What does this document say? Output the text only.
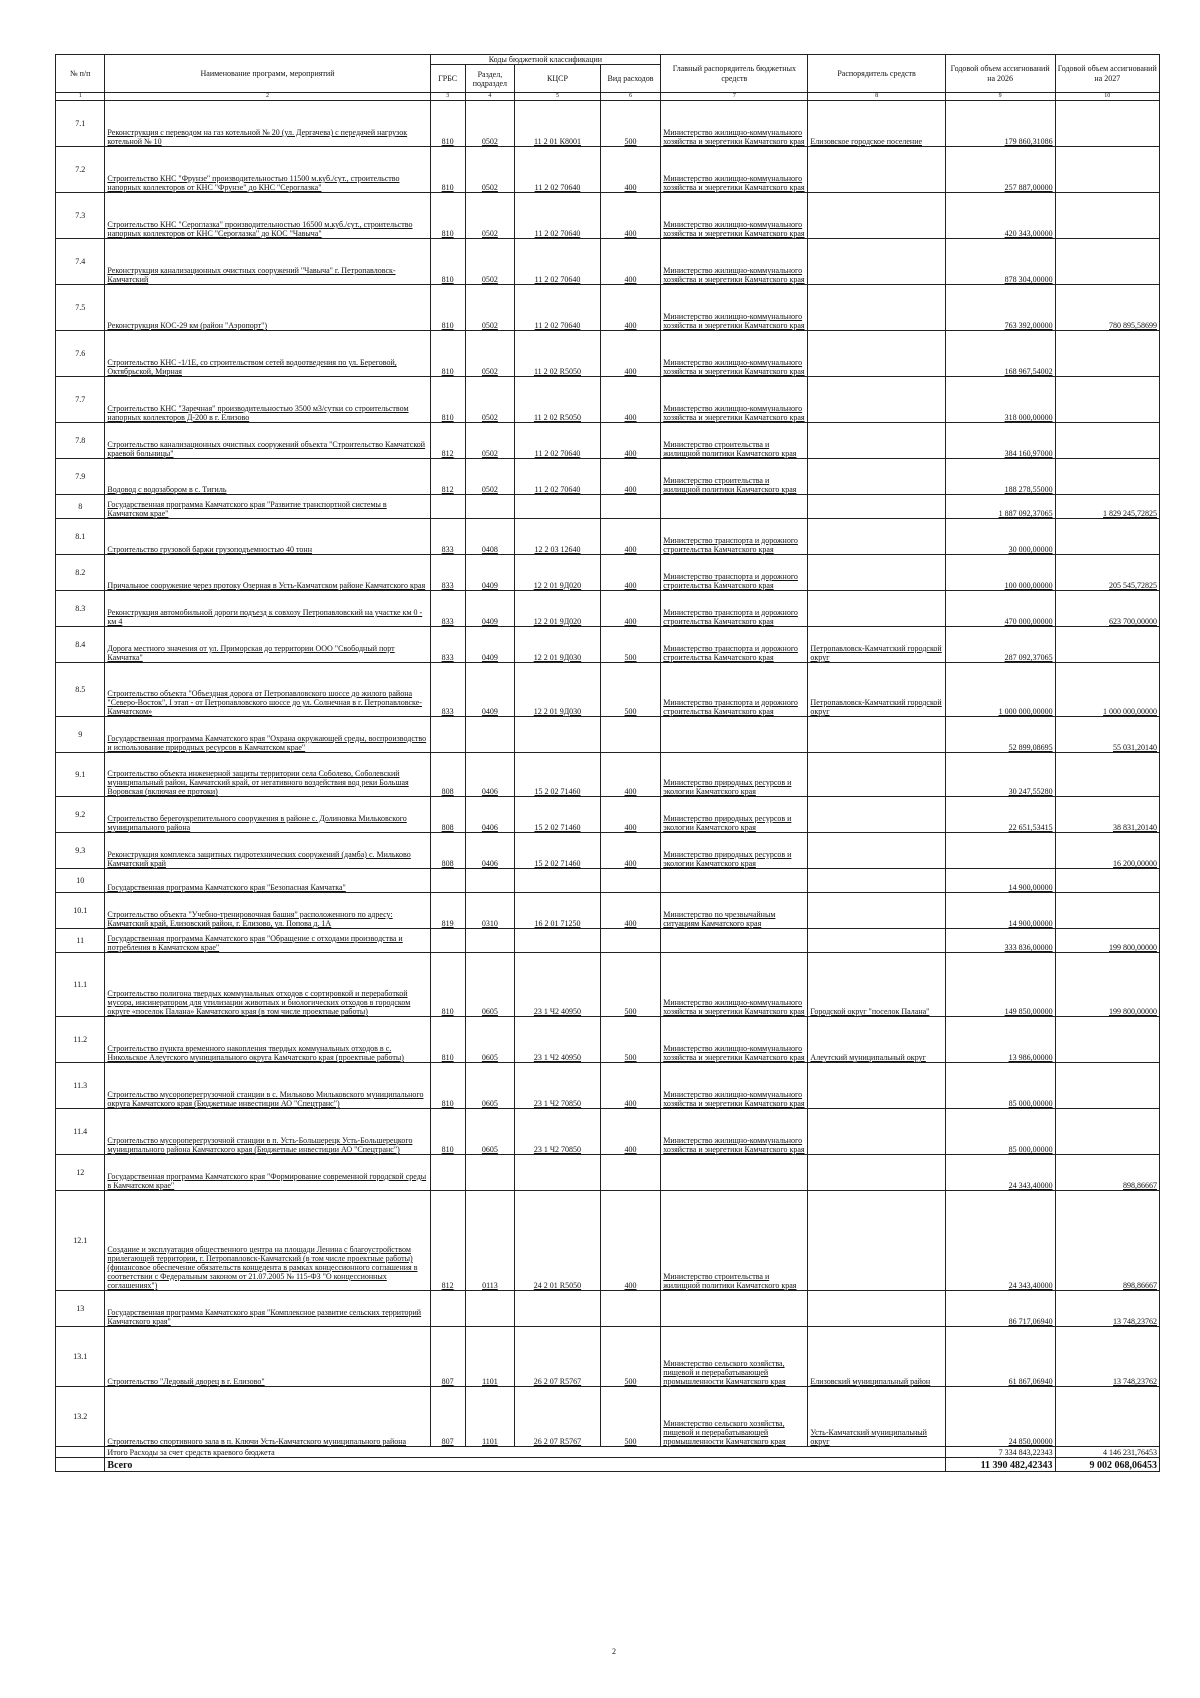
№ п/п	Наименование программ, мероприятий	Коды бюджетной классификации				Главный распорядитель бюджетных средств	Распорядитель средств	Годовой объем ассигнований на 2026	Годовой объем ассигнований на 2027
		ГРБС	Раздел, подраздел	КЦСР	Вид расходов				
1	2	3	4	5	6	7	8	9	10
7.1	Реконструкция с переводом на газ котельной № 20 (ул. Дергачева) с передачей нагрузок котельной № 10	810	0502	11 2 01 К8001	500	Министерство жилищно-коммунального хозяйства и энергетики Камчатского края	Елизовское городское поселение	179 860,31086	
7.2	Строительство КНС "Фрунзе" производительностью 11500 м.куб./сут., строительство напорных коллекторов от КНС "Фрунзе" до КНС "Сероглазка"	810	0502	11 2 02 70640	400	Министерство жилищно-коммунального хозяйства и энергетики Камчатского края		257 887,00000	
7.3	Строительство КНС "Сероглазка" производительностью 16500 м.куб./сут., строительство напорных коллекторов от КНС "Сероглазка" до КОС "Чавыча"	810	0502	11 2 02 70640	400	Министерство жилищно-коммунального хозяйства и энергетики Камчатского края		420 343,00000	
7.4	Реконструкция канализационных очистных сооружений "Чавыча" г. Петропавловск-Камчатский	810	0502	11 2 02 70640	400	Министерство жилищно-коммунального хозяйства и энергетики Камчатского края		878 304,00000	
7.5	Реконструкция КОС-29 км (район "Аэропорт")	810	0502	11 2 02 70640	400	Министерство жилищно-коммунального хозяйства и энергетики Камчатского края		763 392,00000	780 895,58699
7.6	Строительство КНС -1/1Е, со строительством сетей водоотведения по ул. Береговой, Октябрьской, Мирная	810	0502	11 2 02 R5050	400	Министерство жилищно-коммунального хозяйства и энергетики Камчатского края		168 967,54002	
7.7	Строительство КНС "Заречная" производительностью 3500 м3/сутки со строительством напорных коллекторов Д-200 в г. Елизово	810	0502	11 2 02 R5050	400	Министерство жилищно-коммунального хозяйства и энергетики Камчатского края		318 000,00000	
7.8	Строительство канализационных очистных сооружений объекта "Строительство Камчатской краевой больницы"	812	0502	11 2 02 70640	400	Министерство строительства и жилищной политики Камчатского края		384 160,97000	
7.9	Водовод с водозабором в с. Тигиль	812	0502	11 2 02 70640	400	Министерство строительства и жилищной политики Камчатского края		188 278,55000	
8	Государственная программа Камчатского края "Развитие транспортной системы в Камчатском крае"							1 887 092,37065	1 829 245,72825
8.1	Строительство грузовой баржи грузоподъемностью 40 тонн	833	0408	12 2 03 12640	400	Министерство транспорта и дорожного строительства Камчатского края		30 000,00000	
8.2	Причальное сооружение через протоку Озерная в Усть-Камчатском районе Камчатского края	833	0409	12 2 01 9Д020	400	Министерство транспорта и дорожного строительства Камчатского края		100 000,00000	205 545,72825
8.3	Реконструкция автомобильной дороги подъезд к совхозу Петропавловский на участке км 0 - км 4	833	0409	12 2 01 9Д020	400	Министерство транспорта и дорожного строительства Камчатского края		470 000,00000	623 700,00000
8.4	Дорога местного значения от ул. Приморская до территории ООО "Свободный порт Камчатка"	833	0409	12 2 01 9Д030	500	Министерство транспорта и дорожного строительства Камчатского края	Петропавловск-Камчатский городской округ	287 092,37065	
8.5	Строительство объекта "Объездная дорога от Петропавловского шоссе до жилого района "Северо-Восток", I этап - от Петропавловского шоссе до ул. Солнечная в г. Петропавловске-Камчатском»	833	0409	12 2 01 9Д030	500	Министерство транспорта и дорожного строительства Камчатского края	Петропавловск-Камчатский городской округ	1 000 000,00000	1 000 000,00000
9	Государственная программа Камчатского края "Охрана окружающей среды, воспроизводство и использование природных ресурсов в Камчатском крае"							52 899,08695	55 031,20140
9.1	Строительство объекта инженерной защиты территории села Соболево, Соболевский муниципальный район, Камчатский край, от негативного воздействия вод реки Большая Воровская (включая ее протоки)	808	0406	15 2 02 71460	400	Министерство природных ресурсов и экологии Камчатского края		30 247,55280	
9.2	Строительство берегоукрепительного сооружения в районе с. Долиновка Мильковского муниципального района	808	0406	15 2 02 71460	400	Министерство природных ресурсов и экологии Камчатского края		22 651,53415	38 831,20140
9.3	Реконструкция комплекса защитных гидротехнических сооружений (дамба) с. Мильково Камчатский край	808	0406	15 2 02 71460	400	Министерство природных ресурсов и экологии Камчатского края			16 200,00000
10	Государственная программа Камчатского края "Безопасная Камчатка"							14 900,00000	
10.1	Строительство объекта "Учебно-тренировочная башня" расположенного по адресу: Камчатский край, Елизовский район, г. Елизово, ул. Попова д. 1А	819	0310	16 2 01 71250	400	Министерство по чрезвычайным ситуациям Камчатского края		14 900,00000	
11	Государственная программа Камчатского края "Обращение с отходами производства и потребления в Камчатском крае"							333 836,00000	199 800,00000
11.1	Строительство полигона твердых коммунальных отходов с сортировкой и переработкой мусора, инсинератором для утилизации животных и биологических отходов в городском округе «поселок Палана» Камчатского края (в том числе проектные работы)	810	0605	23 1 Ч2 40950	500	Министерство жилищно-коммунального хозяйства и энергетики Камчатского края	Городской округ "поселок Палана"	149 850,00000	199 800,00000
11.2	Строительство пункта временного накопления твердых коммунальных отходов в с. Никольское Алеутского муниципального округа Камчатского края (проектные работы)	810	0605	23 1 Ч2 40950	500	Министерство жилищно-коммунального хозяйства и энергетики Камчатского края	Алеутский муниципальный округ	13 986,00000	
11.3	Строительство мусороперегрузочной станции в с. Мильково Мильковского муниципального округа Камчатского края (Бюджетные инвестиции АО "Спецтранс")	810	0605	23 1 Ч2 70850	400	Министерство жилищно-коммунального хозяйства и энергетики Камчатского края		85 000,00000	
11.4	Строительство мусороперегрузочной станции в п. Усть-Большерецк Усть-Большерецкого муниципального района Камчатского края (Бюджетные инвестиции АО "Спецтранс")	810	0605	23 1 Ч2 70850	400	Министерство жилищно-коммунального хозяйства и энергетики Камчатского края		85 000,00000	
12	Государственная программа Камчатского края "Формирование современной городской среды в Камчатском крае"							24 343,40000	898,86667
12.1	Создание и эксплуатация общественного центра на площади Ленина с благоустройством прилегающей территории, г. Петропавловск-Камчатский (в том числе проектные работы) (финансовое обеспечение обязательств концедента в рамках концессионного соглашения в соответствии с Федеральным законом от 21.07.2005 № 115-ФЗ "О концессионных соглашениях")	812	0113	24 2 01 R5050	400	Министерство строительства и жилищной политики Камчатского края		24 343,40000	898,86667
13	Государственная программа Камчатского края "Комплексное развитие сельских территорий Камчатского края"							86 717,06940	13 748,23762
13.1	Строительство "Ледовый дворец в г. Елизово"	807	1101	26 2 07 R5767	500	Министерство сельского хозяйства, пищевой и перерабатывающей промышленности Камчатского края	Елизовский муниципальный район	61 867,06940	13 748,23762
13.2	Строительство спортивного зала в п. Ключи Усть-Камчатского муниципального района	807	1101	26 2 07 R5767	500	Министерство сельского хозяйства, пищевой и перерабатывающей промышленности Камчатского края	Усть-Камчатский муниципальный округ	24 850,00000	
	Итого Расходы за счет средств краевого бюджета							7 334 843,22343	4 146 231,76453
	Всего							11 390 482,42343	9 002 068,06453
2
